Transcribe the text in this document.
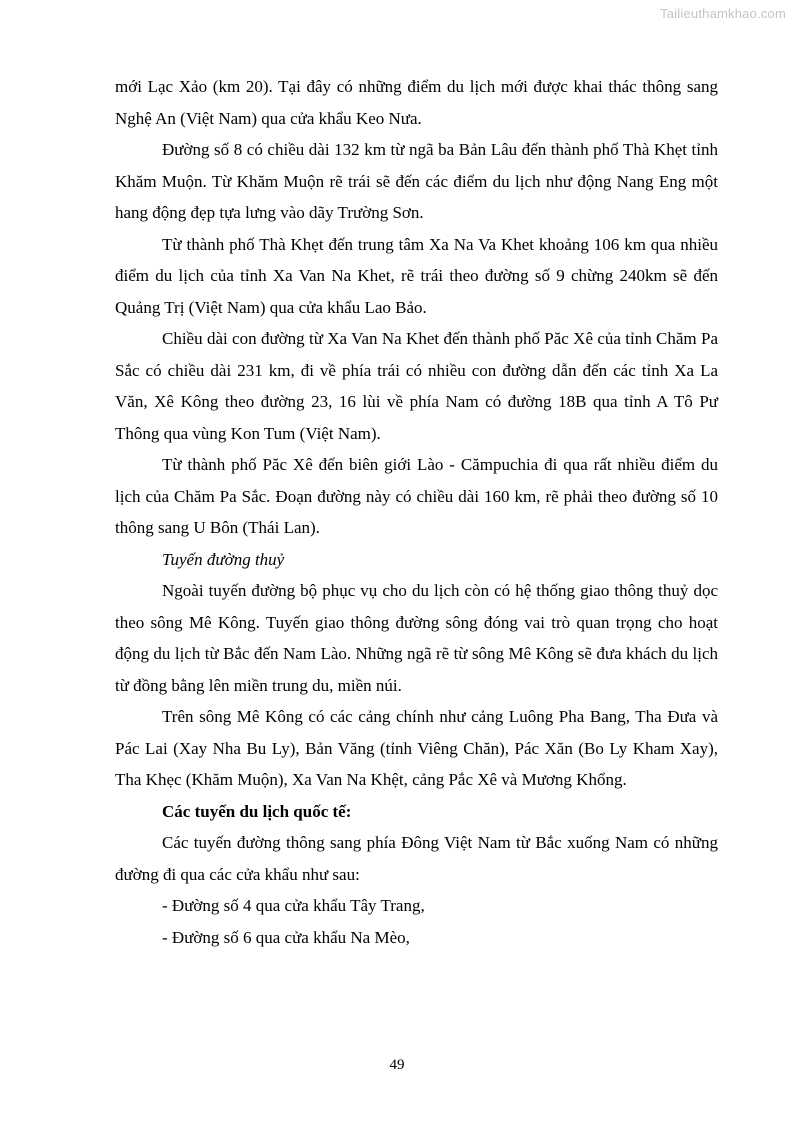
Tailieuthamkhao.com

mới Lạc Xảo (km 20). Tại đây có những điểm du lịch mới được khai thác thông sang Nghệ An (Việt Nam) qua cửa khẩu Keo Nưa.

Đường số 8 có chiều dài 132 km từ ngã ba Bản Lâu đến thành phố Thà Khẹt tỉnh Khăm Muộn. Từ Khăm Muộn rẽ trái sẽ đến các điểm du lịch như động Nang Eng một hang động đẹp tựa lưng vào dãy Trường Sơn.

Từ thành phố Thà Khẹt đến trung tâm Xa Na Va Khet khoảng 106 km qua nhiều điểm du lịch của tỉnh Xa Van Na Khet, rẽ trái theo đường số 9 chừng 240km sẽ đến Quảng Trị (Việt Nam) qua cửa khẩu Lao Bảo.

Chiều dài con đường từ Xa Van Na Khet đến thành phố Păc Xê của tỉnh Chăm Pa Sắc có chiều dài 231 km, đi về phía trái có nhiều con đường dẫn đến các tỉnh Xa La Văn, Xê Kông theo đường 23, 16 lùi về phía Nam có đường 18B qua tỉnh A Tô Pư Thông qua vùng Kon Tum (Việt Nam).

Từ thành phố Păc Xê đến biên giới Lào - Cămpuchia đi qua rất nhiều điểm du lịch của Chăm Pa Sắc. Đoạn đường này có chiều dài 160 km, rẽ phải theo đường số 10 thông sang U Bôn (Thái Lan).

Tuyến đường thuỷ

Ngoài tuyến đường bộ phục vụ cho du lịch còn có hệ thống giao thông thuỷ dọc theo sông Mê Kông. Tuyến giao thông đường sông đóng vai trò quan trọng cho hoạt động du lịch từ Bắc đến Nam Lào. Những ngã rẽ từ sông Mê Kông sẽ đưa khách du lịch từ đồng bằng lên miền trung du, miền núi.

Trên sông Mê Kông có các cảng chính như cảng Luông Pha Bang, Tha Đưa và Pác Lai (Xay Nha Bu Ly), Bản Văng (tỉnh Viêng Chăn), Pác Xăn (Bo Ly Kham Xay), Tha Khẹc (Khăm Muộn), Xa Van Na Khệt, cảng Pắc Xê và Mương Khổng.

Các tuyến du lịch quốc tế:

Các tuyến đường thông sang phía Đông Việt Nam từ Bắc xuống Nam có những đường đi qua các cửa khẩu như sau:

- Đường số 4 qua cửa khẩu Tây Trang,

- Đường số 6 qua cửa khẩu Na Mèo,

49
